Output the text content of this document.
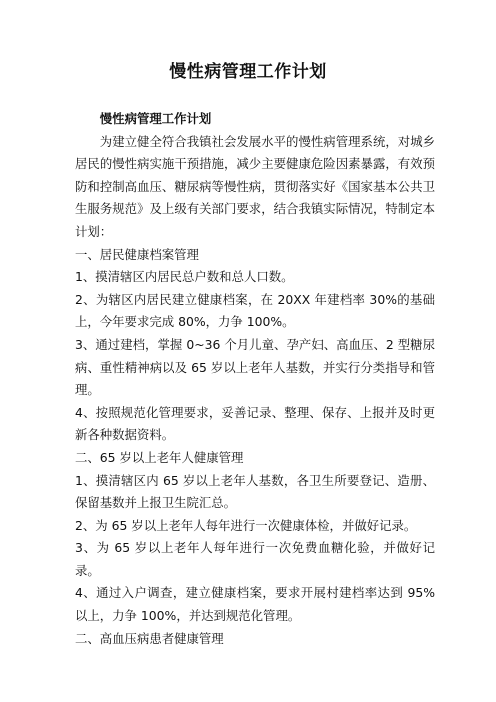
慢性病管理工作计划

慢性病管理工作计划

为建立健全符合我镇社会发展水平的慢性病管理系统，对城乡居民的慢性病实施干预措施，减少主要健康危险因素暴露，有效预防和控制高血压、糖尿病等慢性病，贯彻落实好《国家基本公共卫生服务规范》及上级有关部门要求，结合我镇实际情况，特制定本计划：

一、居民健康档案管理

1、摸清辖区内居民总户数和总人口数。

2、为辖区内居民建立健康档案，在 20XX 年建档率 30%的基础上，今年要求完成 80%，力争 100%。

3、通过建档，掌握 0~36 个月儿童、孕产妇、高血压、2 型糖尿病、重性精神病以及 65 岁以上老年人基数，并实行分类指导和管理。

4、按照规范化管理要求，妥善记录、整理、保存、上报并及时更新各种数据资料。

二、65 岁以上老年人健康管理

1、摸清辖区内 65 岁以上老年人基数，各卫生所要登记、造册、保留基数并上报卫生院汇总。

2、为 65 岁以上老年人每年进行一次健康体检，并做好记录。

3、为 65 岁以上老年人每年进行一次免费血糖化验，并做好记录。

4、通过入户调查，建立健康档案，要求开展村建档率达到 95%以上，力争 100%，并达到规范化管理。

二、高血压病患者健康管理
